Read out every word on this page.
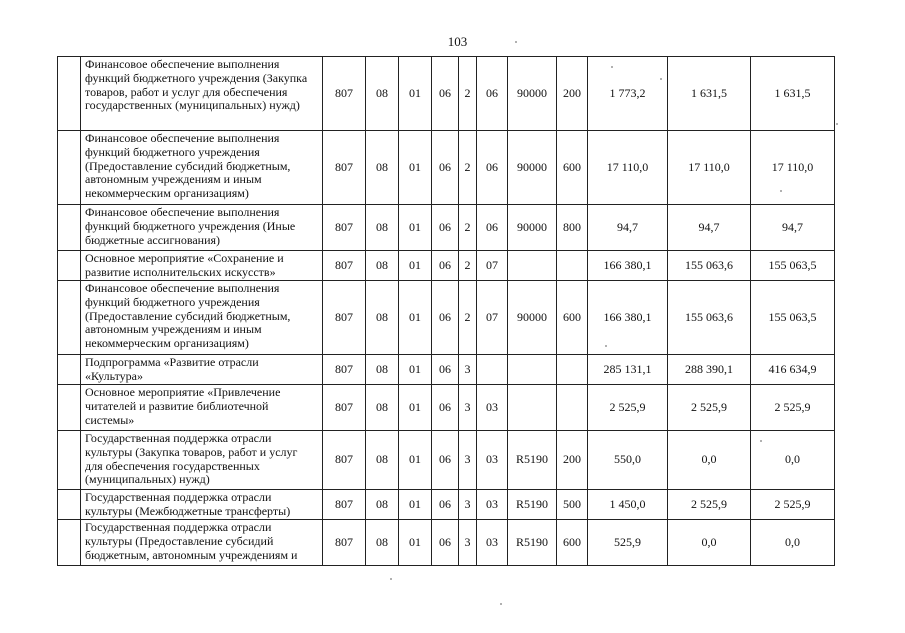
103
	Финансовое обеспечение выполнения функций бюджетного учреждения (Закупка товаров, работ и услуг для обеспечения государственных (муниципальных) нужд)	807	08	01	06	2	06	90000	200	1 773,2	1 631,5	1 631,5
	Финансовое обеспечение выполнения функций бюджетного учреждения (Предоставление субсидий бюджетным, автономным учреждениям и иным некоммерческим организациям)	807	08	01	06	2	06	90000	600	17 110,0	17 110,0	17 110,0
	Финансовое обеспечение выполнения функций бюджетного учреждения (Иные бюджетные ассигнования)	807	08	01	06	2	06	90000	800	94,7	94,7	94,7
	Основное мероприятие «Сохранение и развитие исполнительских искусств»	807	08	01	06	2	07			166 380,1	155 063,6	155 063,5
	Финансовое обеспечение выполнения функций бюджетного учреждения (Предоставление субсидий бюджетным, автономным учреждениям и иным некоммерческим организациям)	807	08	01	06	2	07	90000	600	166 380,1	155 063,6	155 063,5
	Подпрограмма «Развитие отрасли «Культура»	807	08	01	06	3				285 131,1	288 390,1	416 634,9
	Основное мероприятие «Привлечение читателей и развитие библиотечной системы»	807	08	01	06	3	03			2 525,9	2 525,9	2 525,9
	Государственная поддержка отрасли культуры (Закупка товаров, работ и услуг для обеспечения государственных (муниципальных) нужд)	807	08	01	06	3	03	R5190	200	550,0	0,0	0,0
	Государственная поддержка отрасли культуры (Межбюджетные трансферты)	807	08	01	06	3	03	R5190	500	1 450,0	2 525,9	2 525,9
	Государственная поддержка отрасли культуры (Предоставление субсидий бюджетным, автономным учреждениям и	807	08	01	06	3	03	R5190	600	525,9	0,0	0,0
